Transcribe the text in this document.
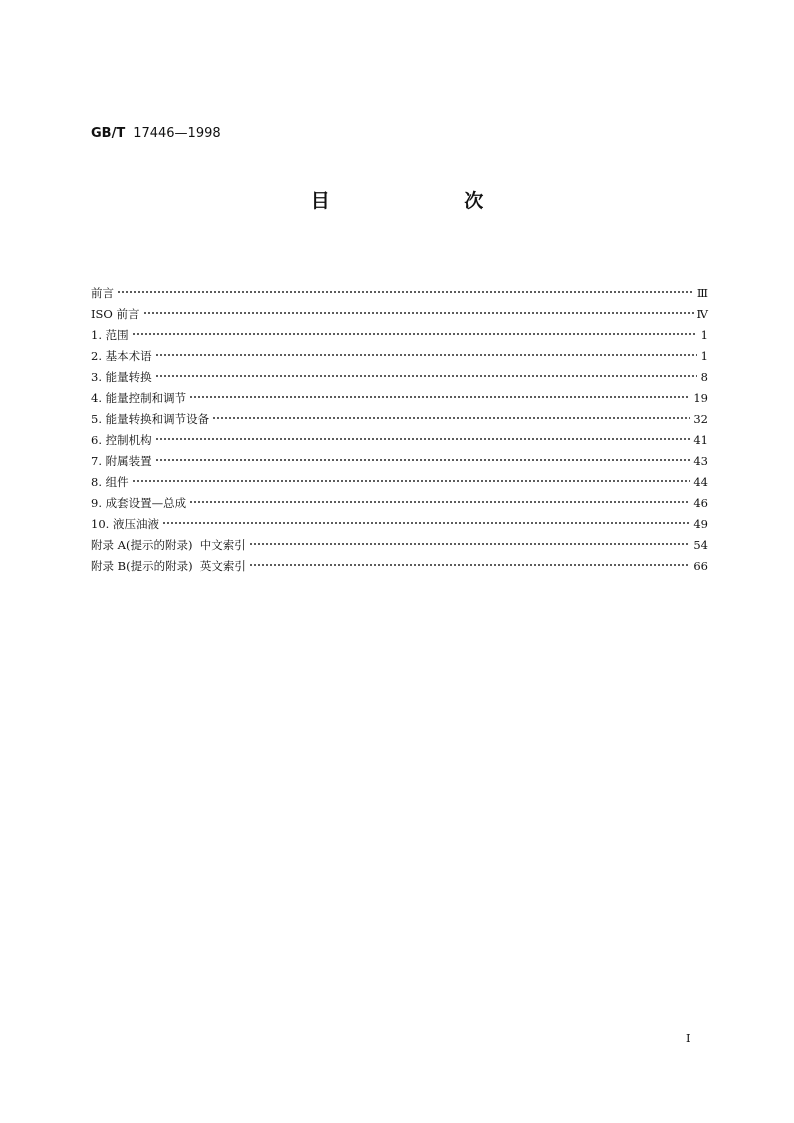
GB/T 17446—1998
目 次
前言	Ⅲ
ISO 前言	Ⅳ
1. 范围	1
2. 基本术语	1
3. 能量转换	8
4. 能量控制和调节	19
5. 能量转换和调节设备	32
6. 控制机构	41
7. 附属装置	43
8. 组件	44
9. 成套设置—总成	46
10. 液压油液	49
附录 A(提示的附录)  中文索引	54
附录 B(提示的附录)  英文索引	66
I
